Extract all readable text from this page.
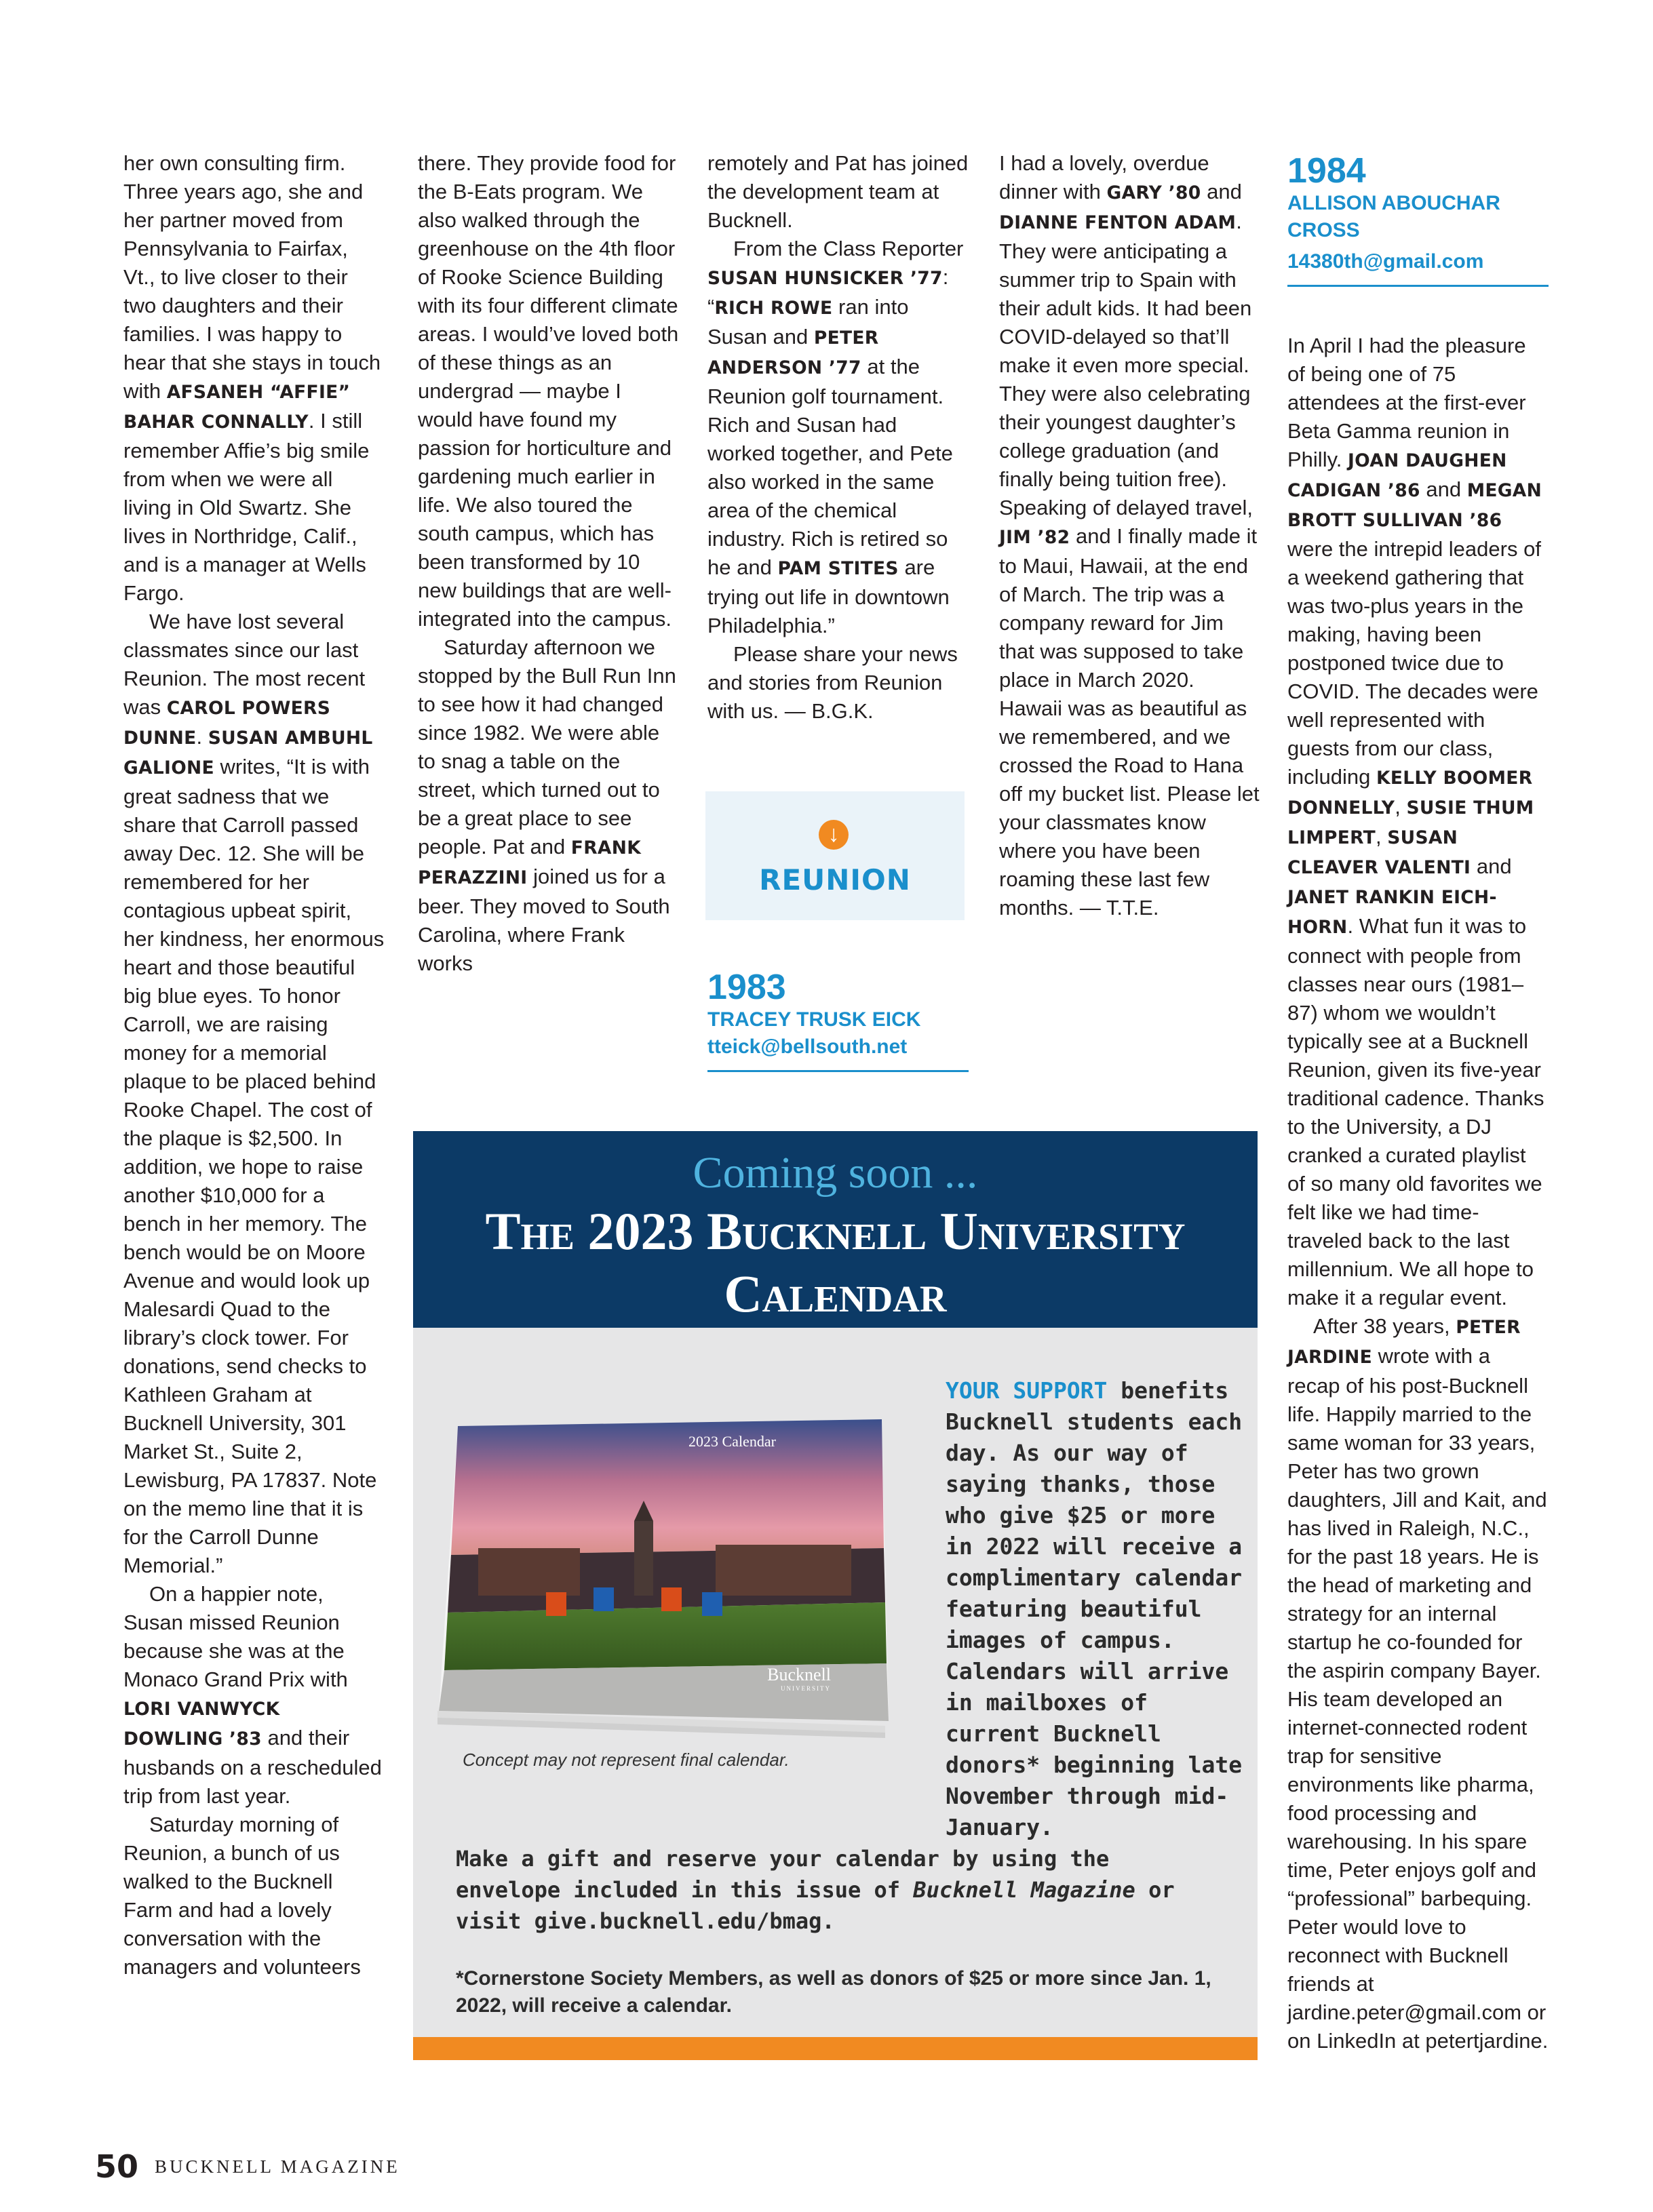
her own consulting firm. Three years ago, she and her partner moved from Pennsylvania to Fairfax, Vt., to live closer to their two daughters and their families. I was happy to hear that she stays in touch with AFSANEH “AFFIE” BAHAR CONNALLY. I still remember Affie’s big smile from when we were all living in Old Swartz. She lives in Northridge, Calif., and is a manager at Wells Fargo.

We have lost several classmates since our last Reunion. The most recent was CAROL POWERS DUNNE. SUSAN AMBUHL GALIONE writes, “It is with great sadness that we share that Carroll passed away Dec. 12. She will be remembered for her contagious upbeat spirit, her kindness, her enormous heart and those beautiful big blue eyes. To honor Carroll, we are raising money for a memorial plaque to be placed behind Rooke Chapel. The cost of the plaque is $2,500. In addition, we hope to raise another $10,000 for a bench in her memory. The bench would be on Moore Avenue and would look up Malesardi Quad to the library’s clock tower. For donations, send checks to Kathleen Graham at Bucknell University, 301 Market St., Suite 2, Lewisburg, PA 17837. Note on the memo line that it is for the Carroll Dunne Memorial.”

On a happier note, Susan missed Reunion because she was at the Monaco Grand Prix with LORI VANWYCK DOWLING ’83 and their husbands on a rescheduled trip from last year.

Saturday morning of Reunion, a bunch of us walked to the Bucknell Farm and had a lovely conversation with the managers and volunteers

there. They provide food for the B-Eats program. We also walked through the greenhouse on the 4th floor of Rooke Science Building with its four different climate areas. I would’ve loved both of these things as an undergrad — maybe I would have found my passion for horticulture and gardening much earlier in life. We also toured the south campus, which has been transformed by 10 new buildings that are well-integrated into the campus.

Saturday afternoon we stopped by the Bull Run Inn to see how it had changed since 1982. We were able to snag a table on the street, which turned out to be a great place to see people. Pat and FRANK PERAZZINI joined us for a beer. They moved to South Carolina, where Frank works

remotely and Pat has joined the development team at Bucknell.

From the Class Reporter SUSAN HUNSICKER ’77: “RICH ROWE ran into Susan and PETER ANDERSON ’77 at the Reunion golf tournament. Rich and Susan had worked together, and Pete also worked in the same area of the chemical industry. Rich is retired so he and PAM STITES are trying out life in downtown Philadelphia.”

Please share your news and stories from Reunion with us. — B.G.K.

I had a lovely, overdue dinner with GARY ’80 and DIANNE FENTON ADAM. They were anticipating a summer trip to Spain with their adult kids. It had been COVID-delayed so that’ll make it even more special. They were also celebrating their youngest daughter’s college graduation (and finally being tuition free). Speaking of delayed travel, JIM ’82 and I finally made it to Maui, Hawaii, at the end of March. The trip was a company reward for Jim that was supposed to take place in March 2020. Hawaii was as beautiful as we remembered, and we crossed the Road to Hana off my bucket list. Please let your classmates know where you have been roaming these last few months. — T.T.E.

In April I had the pleasure of being one of 75 attendees at the first-ever Beta Gamma reunion in Philly. JOAN DAUGHEN CADIGAN ’86 and MEGAN BROTT SULLIVAN ’86 were the intrepid leaders of a weekend gathering that was two-plus years in the making, having been postponed twice due to COVID. The decades were well represented with guests from our class, including KELLY BOOMER DONNELLY, SUSIE THUM LIMPERT, SUSAN CLEAVER VALENTI and JANET RANKIN EICHHORN. What fun it was to connect with people from classes near ours (1981–87) whom we wouldn’t typically see at a Bucknell Reunion, given its five-year traditional cadence. Thanks to the University, a DJ cranked a curated playlist of so many old favorites we felt like we had time-traveled back to the last millennium. We all hope to make it a regular event.

After 38 years, PETER JARDINE wrote with a recap of his post-Bucknell life. Happily married to the same woman for 33 years, Peter has two grown daughters, Jill and Kait, and has lived in Raleigh, N.C., for the past 18 years. He is the head of marketing and strategy for an internal startup he co-founded for the aspirin company Bayer. His team developed an internet-connected rodent trap for sensitive environments like pharma, food processing and warehousing. In his spare time, Peter enjoys golf and “professional” barbequing. Peter would love to reconnect with Bucknell friends at jardine.peter@gmail.com or on LinkedIn at petertjardine.

↓
REUNION
1983
TRACEY TRUSK EICK
tteick@bellsouth.net
1984
ALLISON ABOUCHAR
CROSS
14380th@gmail.com
Coming soon ...
The 2023 Bucknell University
Calendar
2023 Calendar
Bucknell
UNIVERSITY
Concept may not represent final calendar.
YOUR SUPPORT benefits Bucknell students each day. As our way of saying thanks, those who give $25 or more in 2022 will receive a complimentary calendar featuring beautiful images of campus. Calendars will arrive in mailboxes of current Bucknell donors* beginning late November through mid-January.
Make a gift and reserve your calendar by using the envelope included in this issue of Bucknell Magazine or visit give.bucknell.edu/bmag.
*Cornerstone Society Members, as well as donors of $25 or more since Jan. 1, 2022, will receive a calendar.
50 BUCKNELL MAGAZINE
